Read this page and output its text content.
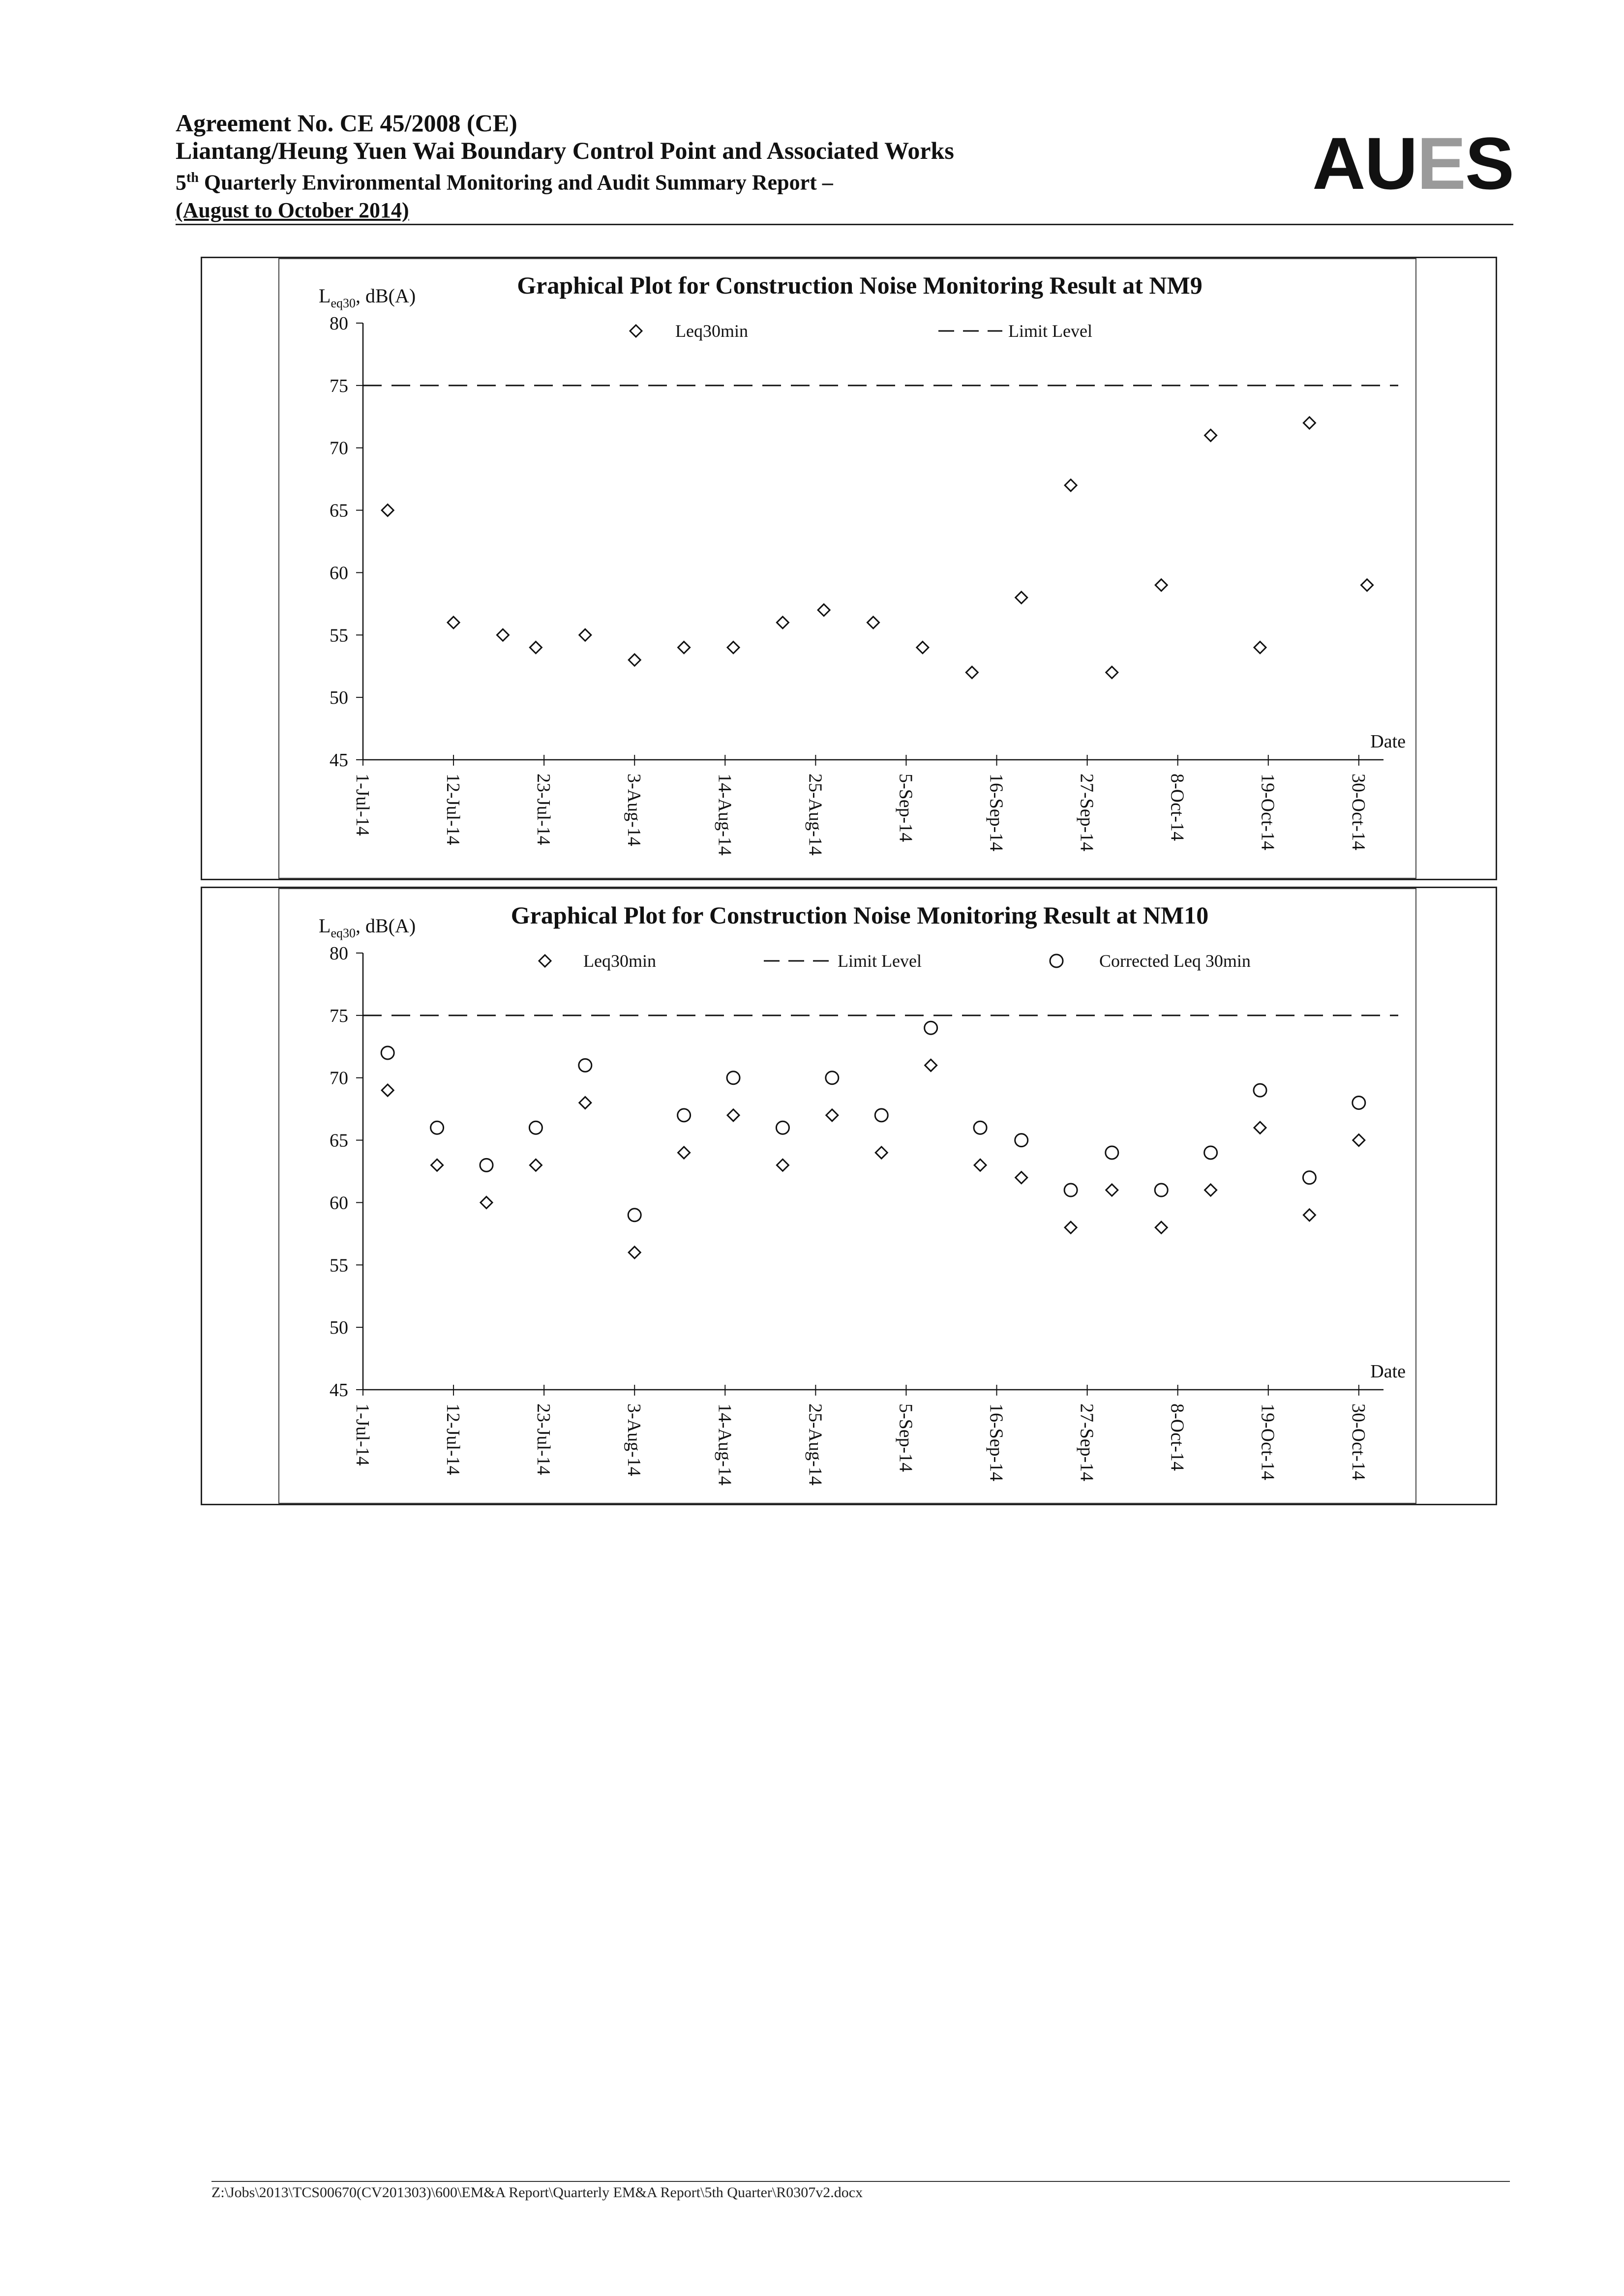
Agreement No. CE 45/2008 (CE)
Liantang/Heung Yuen Wai Boundary Control Point and Associated Works
5th Quarterly Environmental Monitoring and Audit Summary Report –
(August to October 2014)
AUES
Graphical Plot for Construction Noise Monitoring Result at NM9
$L_{eq30}$, dB(A)
45
50
55
60
65
70
75
80
1-Jul-14	12-Jul-14	23-Jul-14	3-Aug-14	14-Aug-14	25-Aug-14	5-Sep-14	16-Sep-14	27-Sep-14	8-Oct-14	19-Oct-14	30-Oct-14
Date
Leq30min	Limit Level
Graphical Plot for Construction Noise Monitoring Result at NM10
$L_{eq30}$, dB(A)
45
50
55
60
65
70
75
80
1-Jul-14	12-Jul-14	23-Jul-14	3-Aug-14	14-Aug-14	25-Aug-14	5-Sep-14	16-Sep-14	27-Sep-14	8-Oct-14	19-Oct-14	30-Oct-14
Date
Leq30min	Limit Level	Corrected Leq 30min
Z:\Jobs\2013\TCS00670(CV201303)\600\EM&A Report\Quarterly EM&A Report\5th Quarter\R0307v2.docx
